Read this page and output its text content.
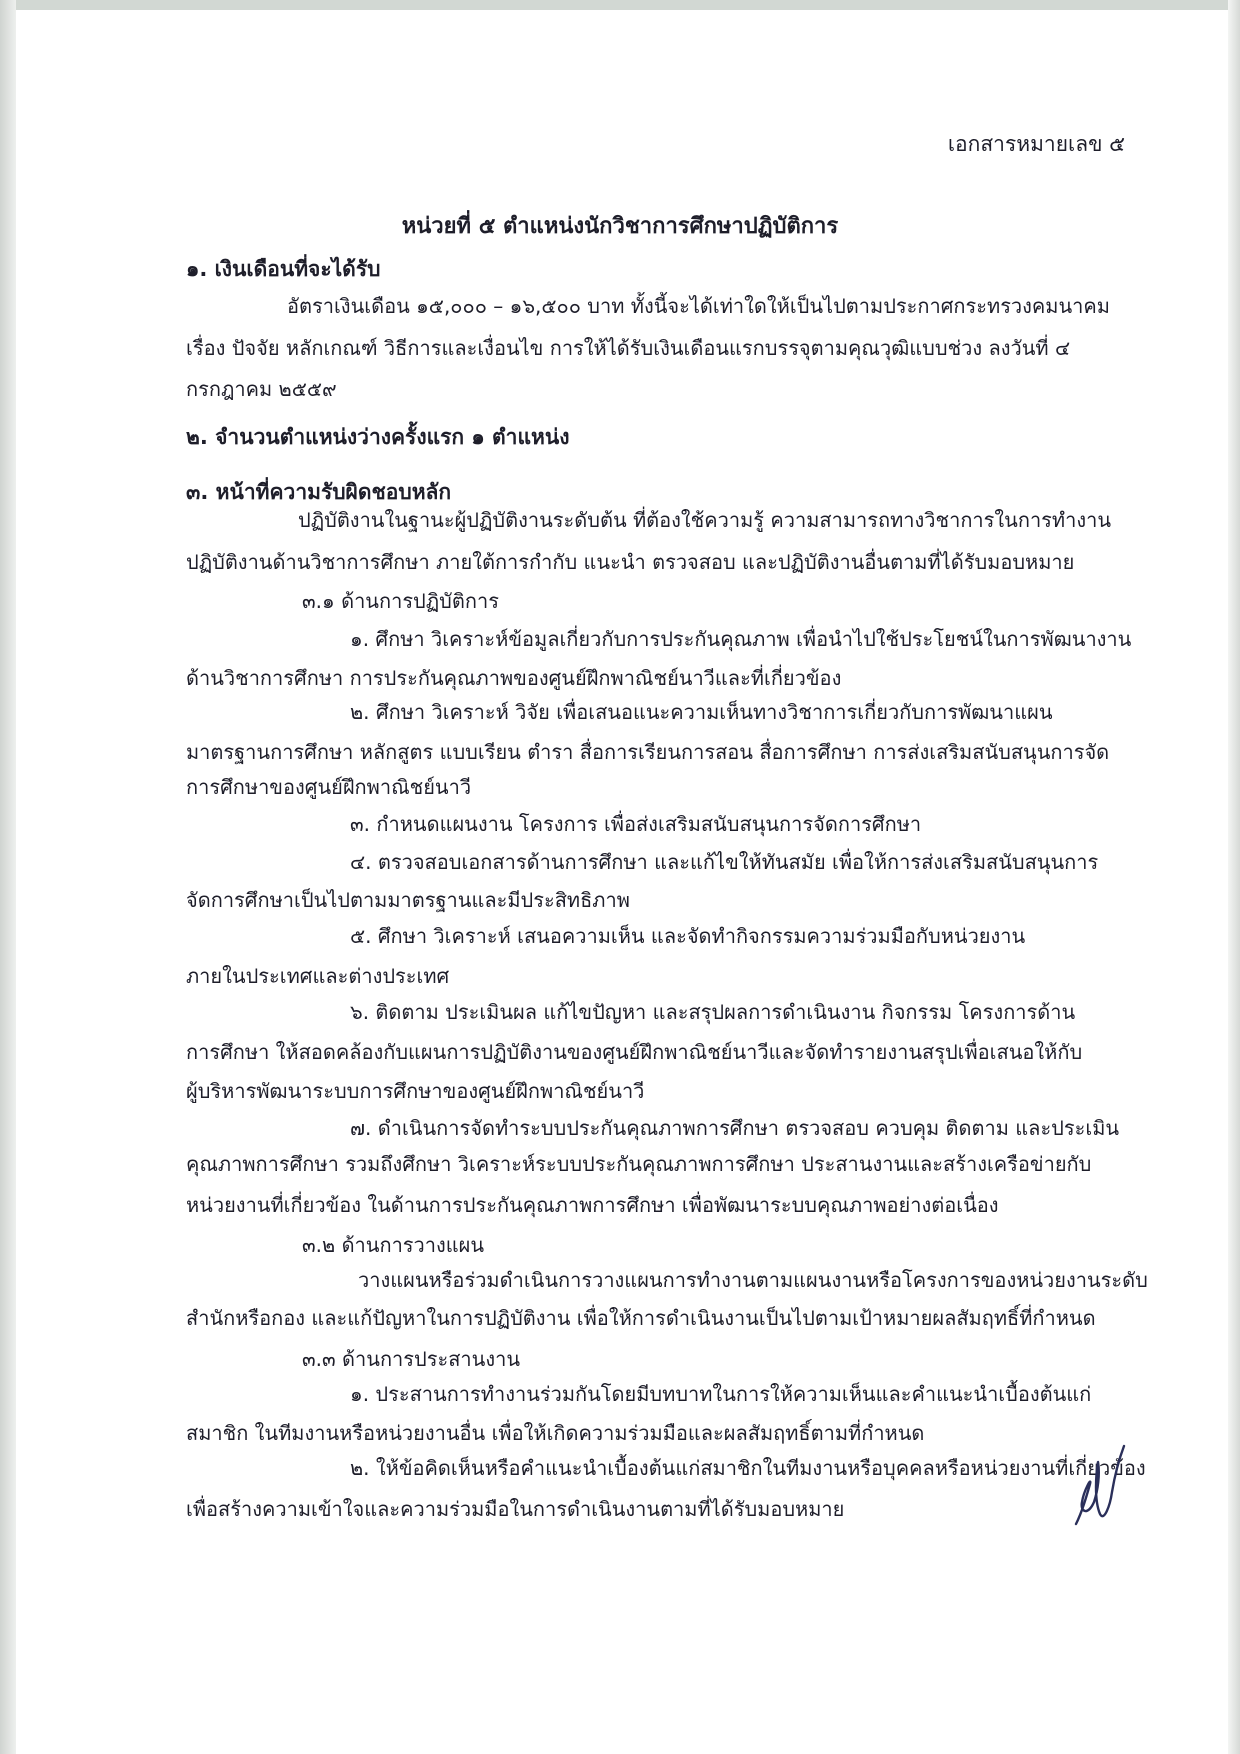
เอกสารหมายเลข ๕
หน่วยที่ ๕ ตำแหน่งนักวิชาการศึกษาปฏิบัติการ
๑. เงินเดือนที่จะได้รับ
อัตราเงินเดือน ๑๕,๐๐๐ – ๑๖,๕๐๐ บาท ทั้งนี้จะได้เท่าใดให้เป็นไปตามประกาศกระทรวงคมนาคม
เรื่อง ปัจจัย หลักเกณฑ์ วิธีการและเงื่อนไข การให้ได้รับเงินเดือนแรกบรรจุตามคุณวุฒิแบบช่วง ลงวันที่ ๔
กรกฎาคม ๒๕๕๙
๒. จำนวนตำแหน่งว่างครั้งแรก ๑ ตำแหน่ง
๓. หน้าที่ความรับผิดชอบหลัก
ปฏิบัติงานในฐานะผู้ปฏิบัติงานระดับต้น ที่ต้องใช้ความรู้ ความสามารถทางวิชาการในการทำงาน
ปฏิบัติงานด้านวิชาการศึกษา ภายใต้การกำกับ แนะนำ ตรวจสอบ และปฏิบัติงานอื่นตามที่ได้รับมอบหมาย
๓.๑ ด้านการปฏิบัติการ
๑. ศึกษา วิเคราะห์ข้อมูลเกี่ยวกับการประกันคุณภาพ เพื่อนำไปใช้ประโยชน์ในการพัฒนางาน
ด้านวิชาการศึกษา การประกันคุณภาพของศูนย์ฝึกพาณิชย์นาวีและที่เกี่ยวข้อง
๒. ศึกษา วิเคราะห์ วิจัย เพื่อเสนอแนะความเห็นทางวิชาการเกี่ยวกับการพัฒนาแผน
มาตรฐานการศึกษา หลักสูตร แบบเรียน ตำรา สื่อการเรียนการสอน สื่อการศึกษา การส่งเสริมสนับสนุนการจัด
การศึกษาของศูนย์ฝึกพาณิชย์นาวี
๓. กำหนดแผนงาน โครงการ เพื่อส่งเสริมสนับสนุนการจัดการศึกษา
๔. ตรวจสอบเอกสารด้านการศึกษา และแก้ไขให้ทันสมัย เพื่อให้การส่งเสริมสนับสนุนการ
จัดการศึกษาเป็นไปตามมาตรฐานและมีประสิทธิภาพ
๕. ศึกษา วิเคราะห์ เสนอความเห็น และจัดทำกิจกรรมความร่วมมือกับหน่วยงาน
ภายในประเทศและต่างประเทศ
๖. ติดตาม ประเมินผล แก้ไขปัญหา และสรุปผลการดำเนินงาน กิจกรรม โครงการด้าน
การศึกษา ให้สอดคล้องกับแผนการปฏิบัติงานของศูนย์ฝึกพาณิชย์นาวีและจัดทำรายงานสรุปเพื่อเสนอให้กับ
ผู้บริหารพัฒนาระบบการศึกษาของศูนย์ฝึกพาณิชย์นาวี
๗. ดำเนินการจัดทำระบบประกันคุณภาพการศึกษา ตรวจสอบ ควบคุม ติดตาม และประเมิน
คุณภาพการศึกษา รวมถึงศึกษา วิเคราะห์ระบบประกันคุณภาพการศึกษา ประสานงานและสร้างเครือข่ายกับ
หน่วยงานที่เกี่ยวข้อง ในด้านการประกันคุณภาพการศึกษา เพื่อพัฒนาระบบคุณภาพอย่างต่อเนื่อง
๓.๒ ด้านการวางแผน
วางแผนหรือร่วมดำเนินการวางแผนการทำงานตามแผนงานหรือโครงการของหน่วยงานระดับ
สำนักหรือกอง และแก้ปัญหาในการปฏิบัติงาน เพื่อให้การดำเนินงานเป็นไปตามเป้าหมายผลสัมฤทธิ์ที่กำหนด
๓.๓ ด้านการประสานงาน
๑. ประสานการทำงานร่วมกันโดยมีบทบาทในการให้ความเห็นและคำแนะนำเบื้องต้นแก่
สมาชิก ในทีมงานหรือหน่วยงานอื่น เพื่อให้เกิดความร่วมมือและผลสัมฤทธิ์ตามที่กำหนด
๒. ให้ข้อคิดเห็นหรือคำแนะนำเบื้องต้นแก่สมาชิกในทีมงานหรือบุคคลหรือหน่วยงานที่เกี่ยวข้อง
เพื่อสร้างความเข้าใจและความร่วมมือในการดำเนินงานตามที่ได้รับมอบหมาย
